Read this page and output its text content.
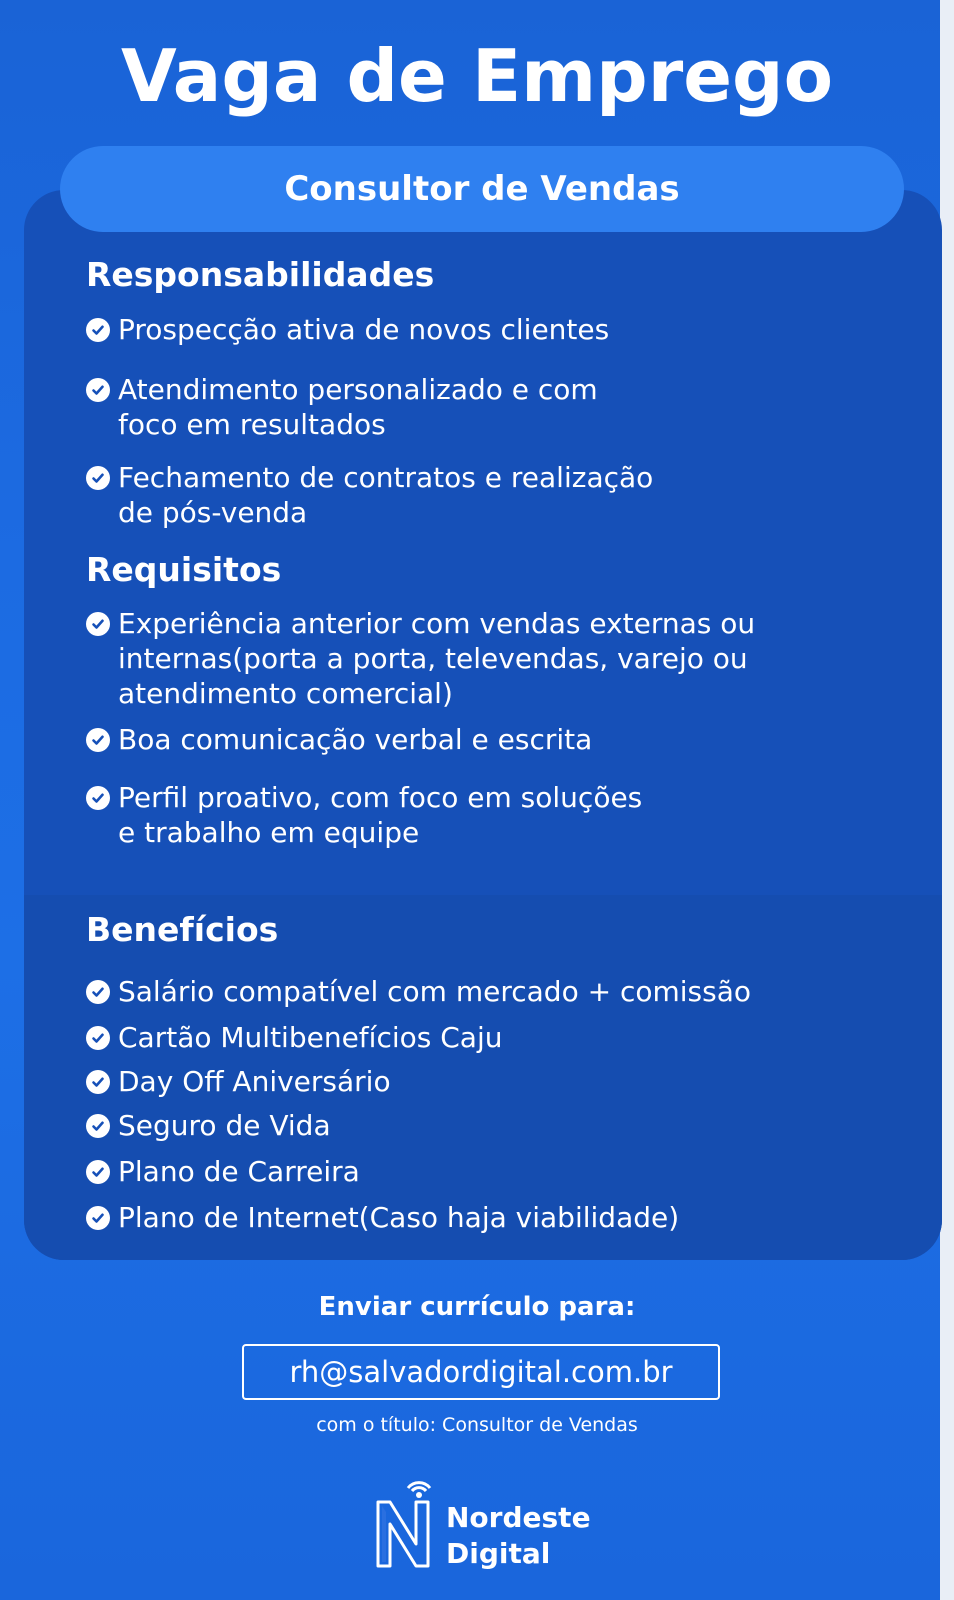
Vaga de Emprego
Consultor de Vendas
Responsabilidades
Prospecção ativa de novos clientes
Atendimento personalizado e com
foco em resultados
Fechamento de contratos e realização
de pós-venda
Requisitos
Experiência anterior com vendas externas ou
internas(porta a porta, televendas, varejo ou
atendimento comercial)
Boa comunicação verbal e escrita
Perfil proativo, com foco em soluções
e trabalho em equipe
Benefícios
Salário compatível com mercado + comissão
Cartão Multibenefícios Caju
Day Off Aniversário
Seguro de Vida
Plano de Carreira
Plano de Internet(Caso haja viabilidade)
Enviar currículo para:
rh@salvadordigital.com.br
com o título: Consultor de Vendas
Nordeste
Digital
